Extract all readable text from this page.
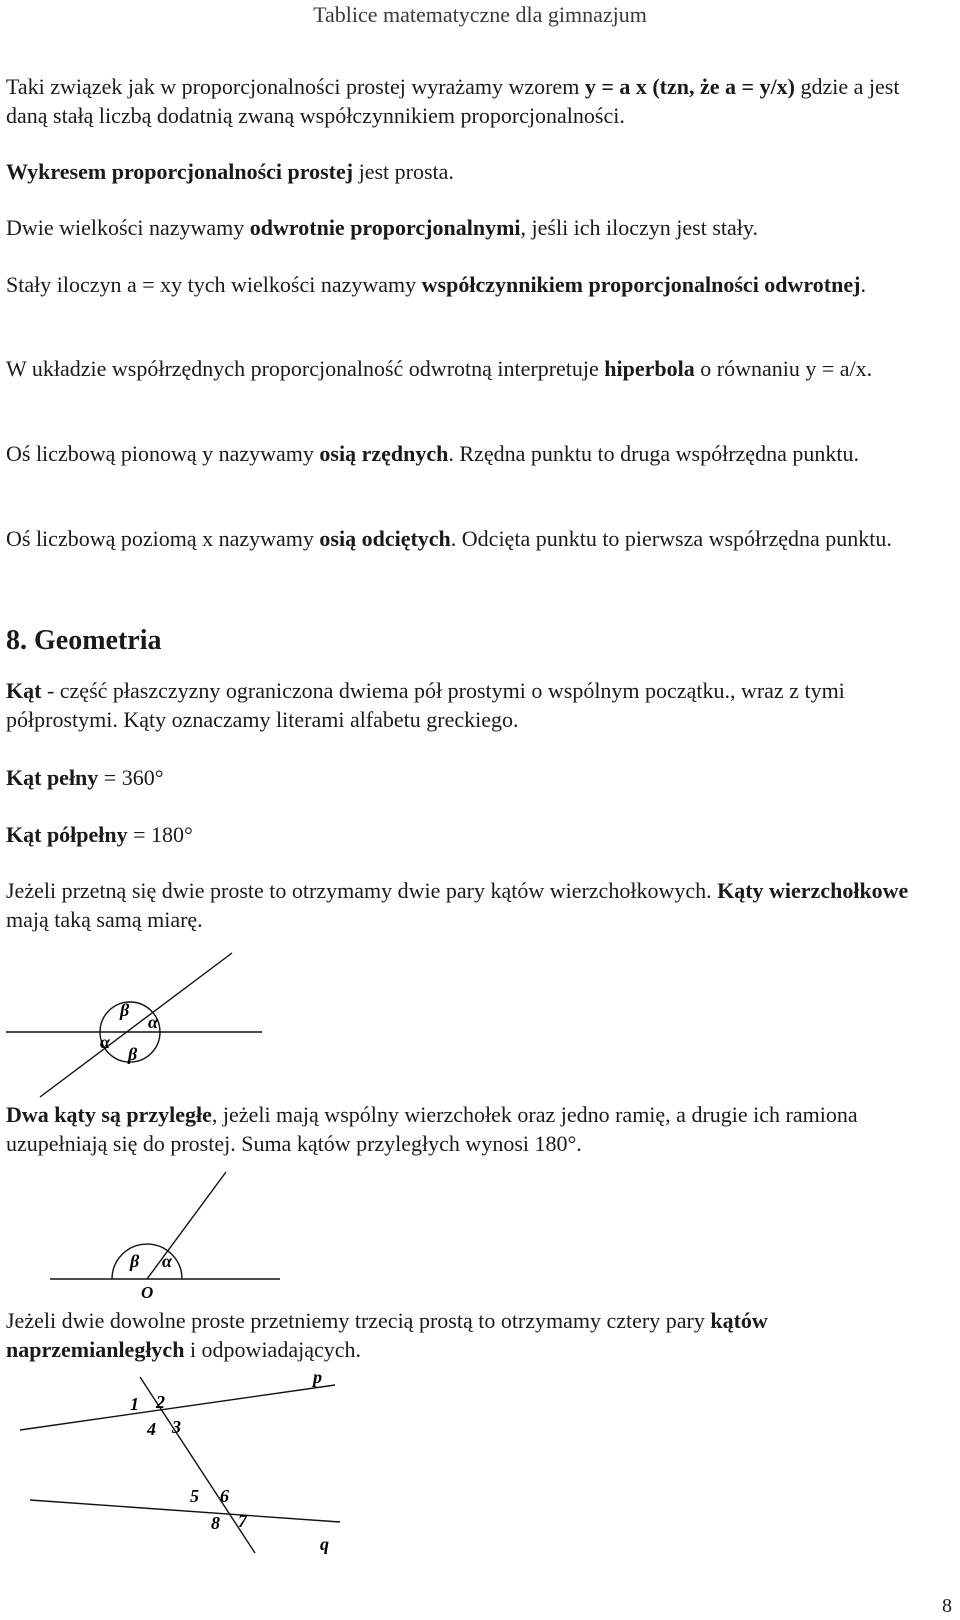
Tablice matematyczne dla gimnazjum

Taki związek jak w proporcjonalności prostej wyrażamy wzorem y = a x (tzn, że a = y/x) gdzie a jest daną stałą liczbą dodatnią zwaną współczynnikiem proporcjonalności.

Wykresem proporcjonalności prostej jest prosta.

Dwie wielkości nazywamy odwrotnie proporcjonalnymi, jeśli ich iloczyn jest stały.

Stały iloczyn a = xy tych wielkości nazywamy współczynnikiem proporcjonalności odwrotnej.

W układzie współrzędnych proporcjonalność odwrotną interpretuje hiperbola o równaniu y = a/x.

Oś liczbową pionową y nazywamy osią rzędnych. Rzędna punktu to druga współrzędna punktu.

Oś liczbową poziomą x nazywamy osią odciętych. Odcięta punktu to pierwsza współrzędna punktu.

8. Geometria

Kąt - część płaszczyzny ograniczona dwiema pół prostymi o wspólnym początku., wraz z tymi półprostymi. Kąty oznaczamy literami alfabetu greckiego.

Kąt pełny = 360°

Kąt półpełny = 180°

Jeżeli przetną się dwie proste to otrzymamy dwie pary kątów wierzchołkowych. Kąty wierzchołkowe mają taką samą miarę.

β
α
α
β

Dwa kąty są przyległe, jeżeli mają wspólny wierzchołek oraz jedno ramię, a drugie ich ramiona uzupełniają się do prostej. Suma kątów przyległych wynosi 180°.

β α
O

Jeżeli dwie dowolne proste przetniemy trzecią prostą to otrzymamy cztery pary kątów naprzemianległych i odpowiadających.

p
q
1 2
3
4
5 6
7
8
8
